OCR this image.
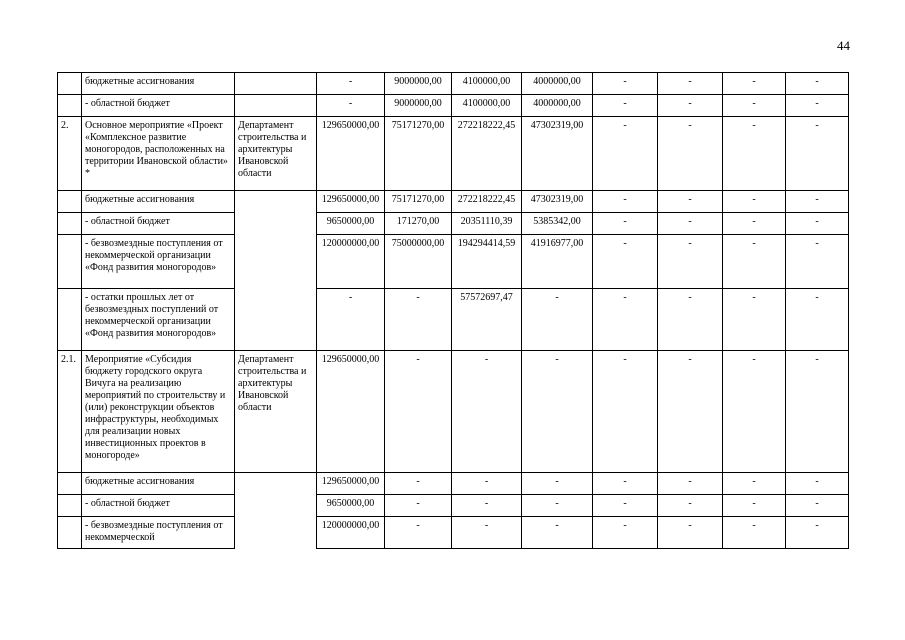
44
	бюджетные ассигнования		-	9000000,00	4100000,00	4000000,00	-	-	-	-
	- областной бюджет		-	9000000,00	4100000,00	4000000,00	-	-	-	-
2.	Основное мероприятие «Проект «Комплексное развитие моногородов, расположенных на территории Ивановской области» *	Департамент строительства и архитектуры Ивановской области	129650000,00	75171270,00	272218222,45	47302319,00	-	-	-	-
	бюджетные ассигнования		129650000,00	75171270,00	272218222,45	47302319,00	-	-	-	-
	- областной бюджет		9650000,00	171270,00	20351110,39	5385342,00	-	-	-	-
	- безвозмездные поступления от некоммерческой организации «Фонд развития моногородов»		120000000,00	75000000,00	194294414,59	41916977,00	-	-	-	-
	- остатки прошлых лет от безвозмездных поступлений от некоммерческой организации «Фонд развития моногородов»		-	-	57572697,47	-	-	-	-	-
2.1.	Мероприятие «Субсидия бюджету городского округа Вичуга на реализацию мероприятий по строительству и (или) реконструкции объектов инфраструктуры, необходимых для реализации новых инвестиционных проектов в моногороде»	Департамент строительства и архитектуры Ивановской области	129650000,00	-	-	-	-	-	-	-
	бюджетные ассигнования		129650000,00	-	-	-	-	-	-	-
	- областной бюджет		9650000,00	-	-	-	-	-	-	-
	- безвозмездные поступления от некоммерческой		120000000,00	-	-	-	-	-	-	-
